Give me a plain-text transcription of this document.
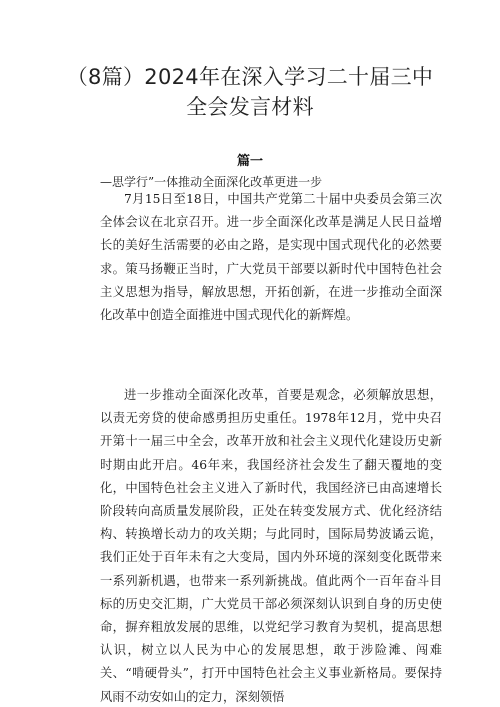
（8篇）2024年在深入学习二十届三中全会发言材料
篇一
—思学行”一体推动全面深化改革更进一步

7月15日至18日，中国共产党第二十届中央委员会第三次全体会议在北京召开。进一步全面深化改革是满足人民日益增长的美好生活需要的必由之路，是实现中国式现代化的必然要求。策马扬鞭正当时，广大党员干部要以新时代中国特色社会主义思想为指导，解放思想，开拓创新，在进一步推动全面深化改革中创造全面推进中国式现代化的新辉煌。

进一步推动全面深化改革，首要是观念，必须解放思想，以责无旁贷的使命感勇担历史重任。1978年12月，党中央召开第十一届三中全会，改革开放和社会主义现代化建设历史新时期由此开启。46年来，我国经济社会发生了翻天覆地的变化，中国特色社会主义进入了新时代，我国经济已由高速增长阶段转向高质量发展阶段，正处在转变发展方式、优化经济结构、转换增长动力的攻关期；与此同时，国际局势波谲云诡，我们正处于百年未有之大变局，国内外环境的深刻变化既带来一系列新机遇，也带来一系列新挑战。值此两个一百年奋斗目标的历史交汇期，广大党员干部必须深刻认识到自身的历史使命，摒弃粗放发展的思维，以党纪学习教育为契机，提高思想认识，树立以人民为中心的发展思想，敢于涉险滩、闯难关、“啃硬骨头”，打开中国特色社会主义事业新格局。要保持风雨不动安如山的定力，深刻领悟
